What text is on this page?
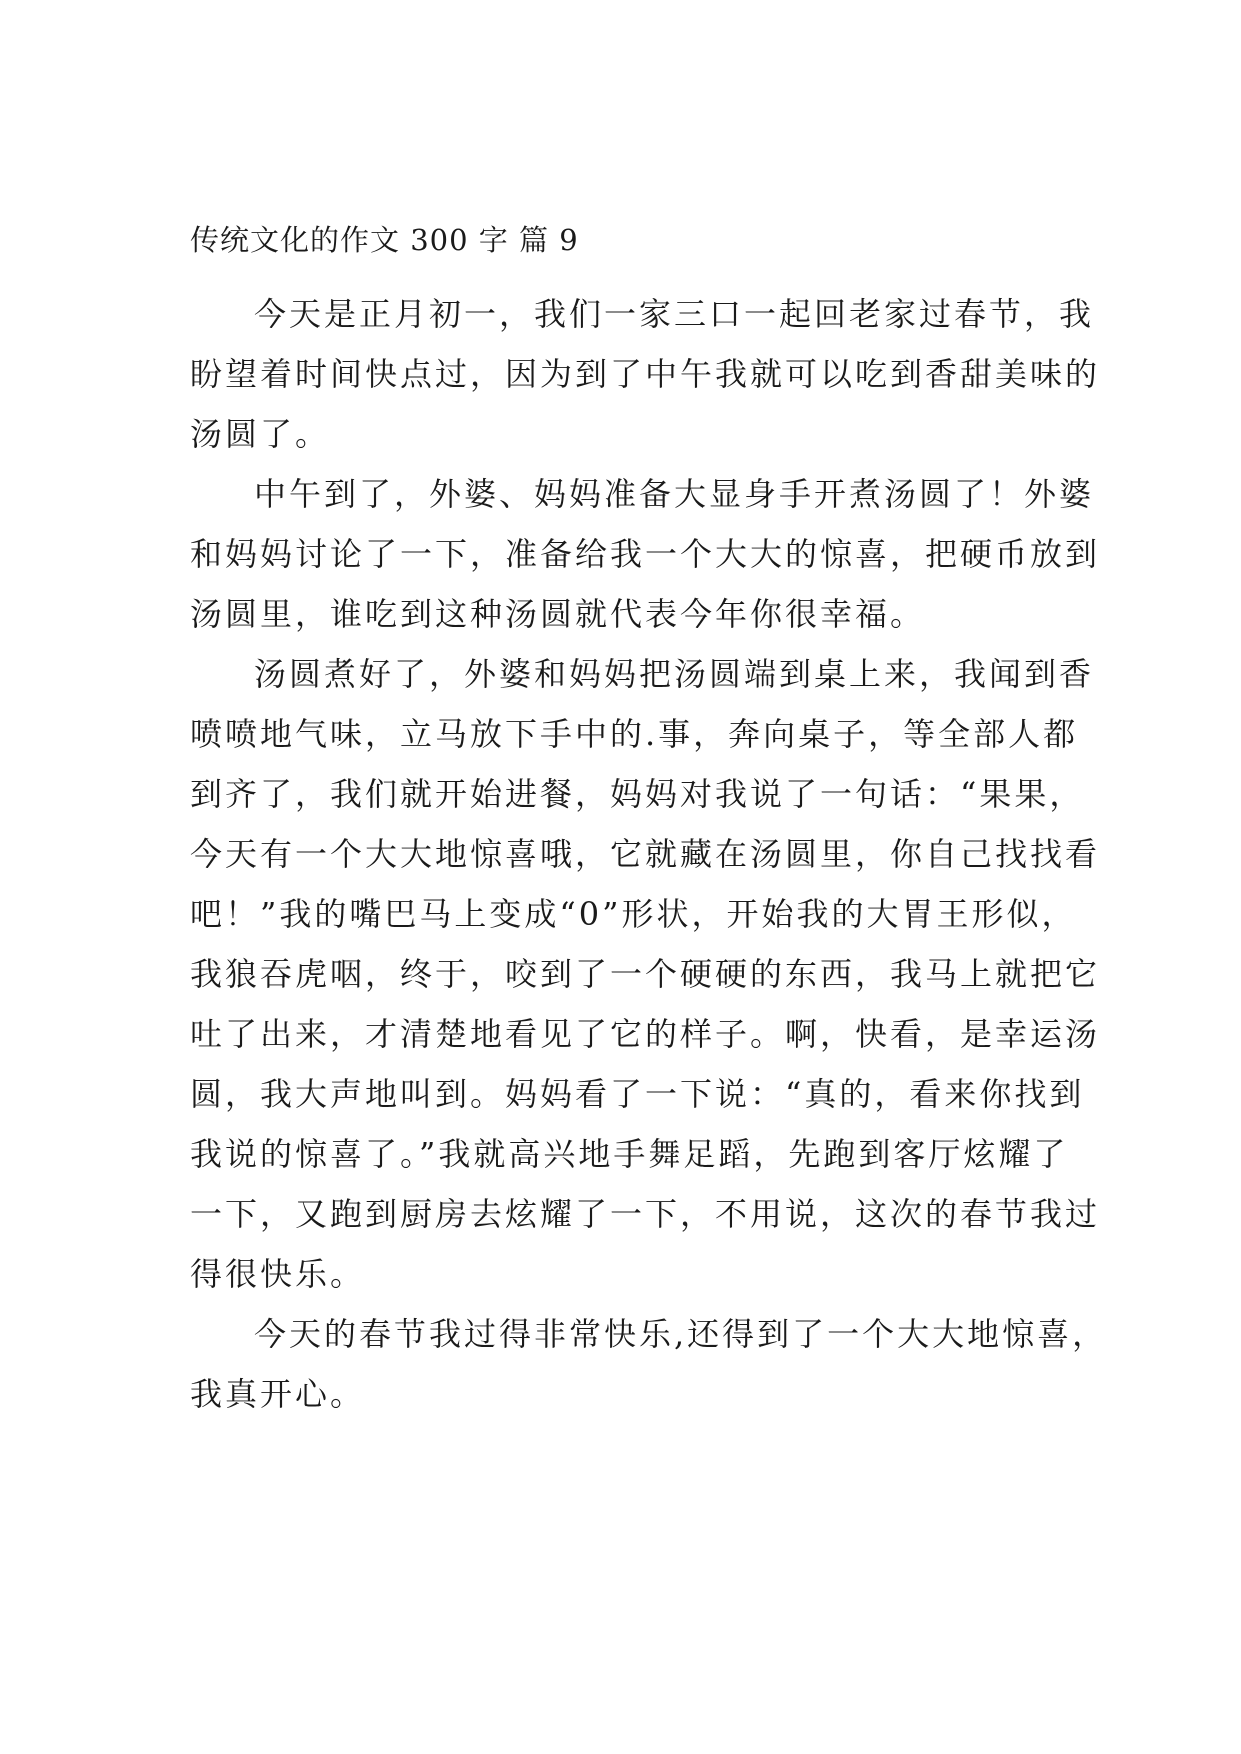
传统文化的作文 300 字 篇 9
今天是正月初一，我们一家三口一起回老家过春节，我
盼望着时间快点过，因为到了中午我就可以吃到香甜美味的
汤圆了。
中午到了，外婆、妈妈准备大显身手开煮汤圆了！外婆
和妈妈讨论了一下，准备给我一个大大的惊喜，把硬币放到
汤圆里，谁吃到这种汤圆就代表今年你很幸福。
汤圆煮好了，外婆和妈妈把汤圆端到桌上来，我闻到香
喷喷地气味，立马放下手中的.事，奔向桌子，等全部人都
到齐了，我们就开始进餐，妈妈对我说了一句话：“果果，
今天有一个大大地惊喜哦，它就藏在汤圆里，你自己找找看
吧！”我的嘴巴马上变成“0”形状，开始我的大胃王形似，
我狼吞虎咽，终于，咬到了一个硬硬的东西，我马上就把它
吐了出来，才清楚地看见了它的样子。啊，快看，是幸运汤
圆，我大声地叫到。妈妈看了一下说：“真的，看来你找到
我说的惊喜了。”我就高兴地手舞足蹈，先跑到客厅炫耀了
一下，又跑到厨房去炫耀了一下，不用说，这次的春节我过
得很快乐。
今天的春节我过得非常快乐,还得到了一个大大地惊喜，
我真开心。
